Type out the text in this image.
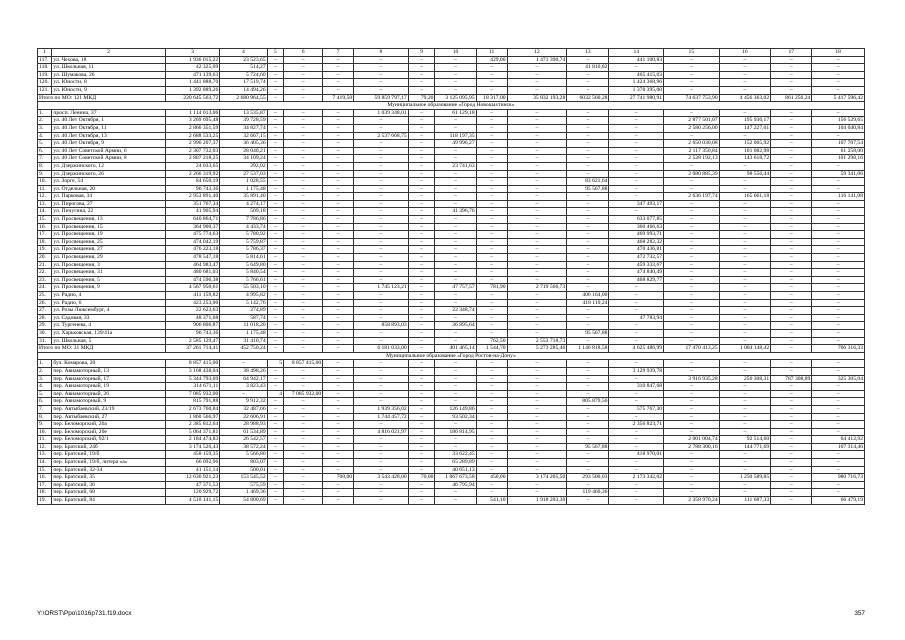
1	2	3	4	5	6	7	8	9	10	11	12	13	14	15	16	17	18
117.	ул. Чехова, 18	1 936 015,22	23 523,65	–	–	–	–	–	–	429,00	1 471 390,74	–	441 100,83	–	–	–	–
118.	ул. Школьная, 11	42 325,09	514,27	–	–	–	–	–	–	–	–	41 810,82	–	–	–	–	–
119.	ул. Шумакова, 26	471 139,63	5 724,60	–	–	–	–	–	–	–	–	–	465 415,03	–	–	–	–
120.	ул. Юности, 8	1 441 888,70	17 519,74	–	–	–	–	–	–	–	–	–	1 424 368,96	–	–	–	–
121.	ул. Юности, 9	1 392 889,26	14 494,26	–	–	–	–	–	–	–	–	–	1 378 395,00	–	–	–	–
Итого по МО: 121 МКД		220 645 563,72	2 680 964,55	–	–	7 419,50	59 859 797,17	79,20	3 125 095,95	18 317,00	35 832 193,28	6032 560,28	27 741 980,91	74 637 753,90	4 456 363,02	861 256,24	5 417 596,42
Муниципальное образование «Город Новошахтинск»																	
1.	просп. Ленина, 37	1 114 013,06	13 535,87	–	–	–	1 039 348,01	–	61 129,18	–	–	–	–	–	–	–	–
2.	ул. 40 Лет Октября, 1	3 269 695,48	39 728,59	–	–	–	–	–	–	–	–	–	–	2 877 501,07	195 936,17	–	156 529,65
3.	ул. 40 Лет Октября, 11	2 866 351,59	34 827,74	–	–	–	–	–	–	–	–	–	–	2 580 256,00	147 227,01	–	104 040,84
4.	ул. 40 Лет Октября, 13	2 688 533,25	32 667,15	–	–	–	2 537 668,75	–	118 197,35	–	–	–	–	–	–	–	–
5.	ул. 40 Лет Октября, 9	2 996 207,37	36 405,36	–	–	–	–	–	49 996,27	–	–	–	–	2 650 030,08	152 065,92	–	107 707,54
6.	ул. 40 Лет Советской Армии, 6	2 307 732,03	28 040,21	–	–	–	–	–	–	–	–	–	–	2 117 350,84	101 082,98	–	61 258,00
7.	ул. 40 Лет Советской Армии, 8	2 807 218,25	34 109,24	–	–	–	–	–	–	–	–	–	–	2 528 192,13	143 618,72	–	101 298,16
8.	ул. Дзержинского, 12	24 033,65	292,02	–	–	–	–	–	23 741,63	–	–	–	–	–	–	–	–
9.	ул. Дзержинского, 26	2 266 319,92	27 537,03	–	–	–	–	–	–	–	–	–	–	2 080 885,39	98 556,44	–	59 341,06
10.	ул. Зорге, 54	84 650,19	1 028,55	–	–	–	–	–	–	–	–	83 621,64	–	–	–	–	–
11.	ул. Отдельная, 20	96 743,36	1 175,48	–	–	–	–	–	–	–	–	95 567,88	–	–	–	–	–
12.	ул. Парковая, 34	2 953 891,40	35 891,40	–	–	–	–	–	–	–	–	–	–	2 636 197,74	165 661,18	–	116 141,08
13.	ул. Пирогова, 27	351 767,34	4 274,17	–	–	–	–	–	–	–	–	–	347 493,17	–	–	–	–
14.	ул. Пичугина, 22	41 905,94	509,18	–	–	–	–	–	41 396,76	–	–	–	–	–	–	–	–
15.	ул. Просвещения, 13	640 864,71	7 786,86	–	–	–	–	–	–	–	–	–	633 077,85	–	–	–	–
16.	ул. Просвещения, 15	364 900,37	4 433,74	–	–	–	–	–	–	–	–	–	360 466,63	–	–	–	–
17.	ул. Просвещения, 19	475 774,63	5 780,92	–	–	–	–	–	–	–	–	–	469 993,71	–	–	–	–
18.	ул. Просвещения, 25	474 042,19	5 759,87	–	–	–	–	–	–	–	–	–	468 282,32	–	–	–	–
19.	ул. Просвещения, 27	476 223,18	5 786,37	–	–	–	–	–	–	–	–	–	470 436,81	–	–	–	–
20.	ул. Просвещения, 29	478 547,18	5 814,61	–	–	–	–	–	–	–	–	–	472 732,57	–	–	–	–
21.	ул. Просвещения, 3	464 983,47	5 649,80	–	–	–	–	–	–	–	–	–	459 333,67	–	–	–	–
22.	ул. Просвещения, 31	480 681,03	5 840,54	–	–	–	–	–	–	–	–	–	474 840,49	–	–	–	–
23.	ул. Просвещения, 5	474 596,38	5 766,61	–	–	–	–	–	–	–	–	–	468 829,77	–	–	–	–
24.	ул. Просвещения, 9	4 567 950,61	55 503,10	–	–	–	1 745 123,21	–	47 757,57	781,90	2 719 566,73	–	–	–	–	–	–
25.	ул. Радио, 4	411 159,82	4 995,82	–	–	–	–	–	–	–	–	406 164,00	–	–	–	–	–
26.	ул. Радио, 6	423 253,00	5 142,76	–	–	–	–	–	–	–	–	418 110,24	–	–	–	–	–
27.	ул. Розы Люксембург, 4	22 623,63	274,89	–	–	–	–	–	22 348,74	–	–	–	–	–	–	–	–
28.	ул. Садовая, 33	48 371,68	587,74	–	–	–	–	–	–	–	–	–	47 783,94	–	–	–	–
29.	ул. Тургенева, 4	906 806,87	11 018,20	–	–	–	858 893,03	–	36 895,64	–	–	–	–	–	–	–	–
30.	ул. Харьковская, 139/41а	96 743,36	1 175,48	–	–	–	–	–	–	–	–	95 567,88	–	–	–	–	–
31.	ул. Школьная, 5	2 585 129,47	31 410,74	–	–	–	–	–	–	762,50	2 553 718,73	–	–	–	–	–	–
Итого по МО: 31 МКД		37 261 714,41	452 750,24	–	–	–	6 181 033,00	–	401 465,14	1 544,70	5 273 285,46	1 146 818,58	4 625 486,99	17 470 413,25	1 004 148,42	–	706 316,33
Муниципальное образование «Город Ростов-на-Дону»																	
1.	бул. Комарова, 20	8 857 415,00	–	5	8 857 415,00	–	–	–	–	–	–	–	–	–	–	–	–
2.	пер. Авиамоторный, 13	3 168 438,04	38 498,26	–	–	–	–	–	–	–	–	–	3 129 939,78	–	–	–	–
3.	пер. Авиамоторный, 17	5 344 793,69	64 942,17	–	–	–	–	–	–	–	–	–	–	3 916 935,28	250 308,31	787 308,89	325 305,04
4.	пер. Авиамоторный, 19	314 671,11	3 823,43	–	–	–	–	–	–	–	–	–	310 847,68	–	–	–	–
5.	пер. Авиамоторный, 26	7 085 932,00	–	4	7 085 932,00	–	–	–	–	–	–	–	–	–	–	–	–
6.	пер. Авиамоторный, 9	815 791,88	9 912,32	–	–	–	–	–	–	–	–	805 879,56	–	–	–	–	–
7.	пер. Автыбаевский, 23/19	2 673 760,84	32 487,66	–	–	–	1 939 356,02	–	126 149,86	–	–	–	575 767,30	–	–	–	–
8.	пер. Автыбаевский, 27	1 860 566,97	22 606,91	–	–	–	1 744 457,72	–	93 502,34	–	–	–	–	–	–	–	–
9.	пер. Беломорский, 20а	2 385 812,64	28 988,93	–	–	–	–	–	–	–	–	–	2 356 823,71	–	–	–	–
10.	пер. Беломорский, 20е	5 064 371,81	61 534,89	–	–	–	4 816 021,97	–	186 814,95	–	–	–	–	–	–	–	–
11.	пер. Беломорский, 92/1	2 184 474,83	26 542,57	–	–	–	–	–	–	–	–	–	–	2 001 004,74	92 514,60	–	64 412,92
12.	пер. Братский, 24б	3 174 526,43	38 572,24	–	–	–	–	–	–	–	–	95 567,88	–	2 788 300,16	144 771,69	–	107 314,46
13.	пер. Братский, 19/б	458 159,35	5 566,80	–	–	–	–	–	33 622,45	–	–	–	418 970,01	–	–	–	–
14.	пер. Братский, 19/б, литера «а»	66 092,96	803,07	–	–	–	–	–	65 289,89	–	–	–	–	–	–	–	–
15.	пер. Братский, 32-34	41 151,14	500,01	–	–	–	–	–	40 651,13	–	–	–	–	–	–	–	–
16.	пер. Братский, 35	12 636 921,23	153 545,52	–	–	700,00	3 543 428,00	70,00	1 067 673,58	450,00	3 174 205,50	293 500,03	2 173 342,02	–	1 250 589,85	–	980 716,73
17.	пер. Братский, 36	47 371,53	575,59	–	–	–	–	–	46 795,94	–	–	–	–	–	–	–	–
18.	пер. Братский, 68	120 929,72	1 469,36	–	–	–	–	–	–	–	–	119 460,36	–	–	–	–	–
19.	пер. Братский, 84	4 510 141,15	54 800,69	–	–	–	–	–	–	541,10	1 918 203,30	–	–	2 358 970,24	111 687,33	–	66 479,19
Y:\ORST\Ppo\1016p731.f19.docx	357
